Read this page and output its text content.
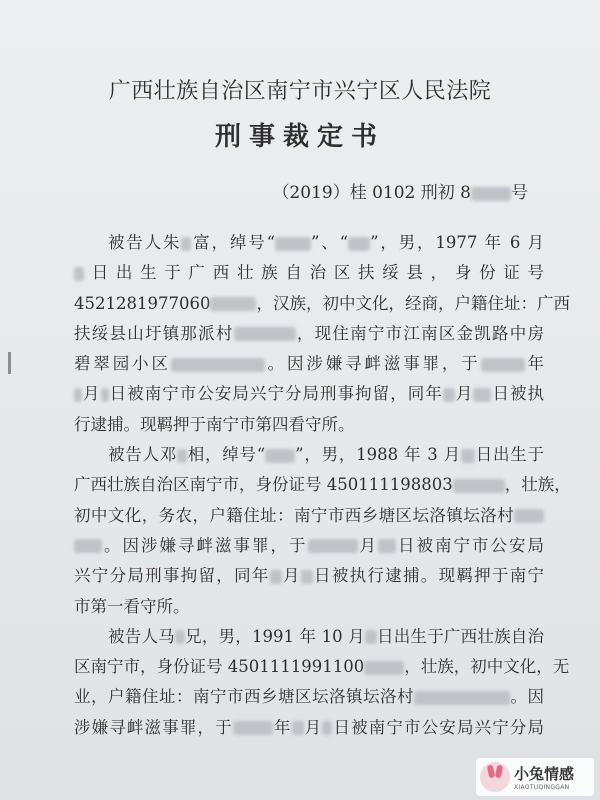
广西壮族自治区南宁市兴宁区人民法院
刑事裁定书
（2019）桂 0102 刑初 8 号
被告人朱 富，绰号“ ”、“ ”，男，1977 年 6 月
日出生于广西壮族自治区扶绥县，身份证号
4521281977060	，汉族，初中文化，经商，户籍住址：广西
扶绥县山圩镇那派村	，现住南宁市江南区金凯路中房
碧翠园小区	。因涉嫌寻衅滋事罪，于	年
月 日被南宁市公安局兴宁分局刑事拘留，同年 月 日被执
行逮捕。现羁押于南宁市第四看守所。
被告人邓 相，绰号“ ”，男，1988 年 3 月 日出生于
广西壮族自治区南宁市，身份证号 450111198803	，壮族，
初中文化，务农，户籍住址：南宁市西乡塘区坛洛镇坛洛村
。因涉嫌寻衅滋事罪，于	月 日被南宁市公安局
兴宁分局刑事拘留，同年 月 日被执行逮捕。现羁押于南宁
市第一看守所。
被告人马 兄，男，1991 年 10 月 日出生于广西壮族自治
区南宁市，身份证号 4501111991100 ，壮族，初中文化，无
业，户籍住址：南宁市西乡塘区坛洛镇坛洛村	。因
涉嫌寻衅滋事罪，于 年 月 日被南宁市公安局兴宁分局
小兔情感
XIAOTUQINGGAN
